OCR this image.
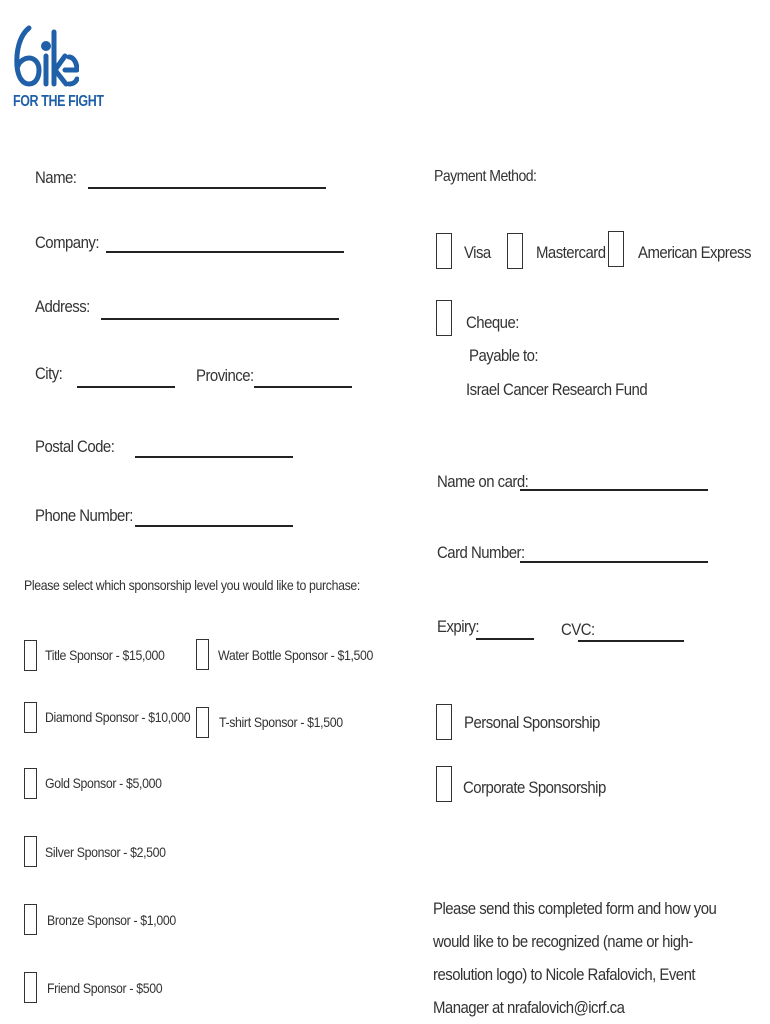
FOR THE FIGHT
Name:
Company:
Address:
City:	Province:
Postal Code:
Phone Number:
Please select which sponsorship level you would like to purchase:
Title Sponsor - $15,000
Diamond Sponsor - $10,000
Gold Sponsor - $5,000
Silver Sponsor - $2,500
Bronze Sponsor - $1,000
Friend Sponsor - $500
Water Bottle Sponsor - $1,500
T-shirt Sponsor - $1,500
Payment Method:
Visa	Mastercard American Express
Cheque:
Payable to:
Israel Cancer Research Fund
Name on card:
Card Number:
Expiry:	CVC:
Personal Sponsorship
Corporate Sponsorship
Please send this completed form and how you would like to be recognized (name or high-resolution logo) to Nicole Rafalovich, Event Manager at nrafalovich@icrf.ca
